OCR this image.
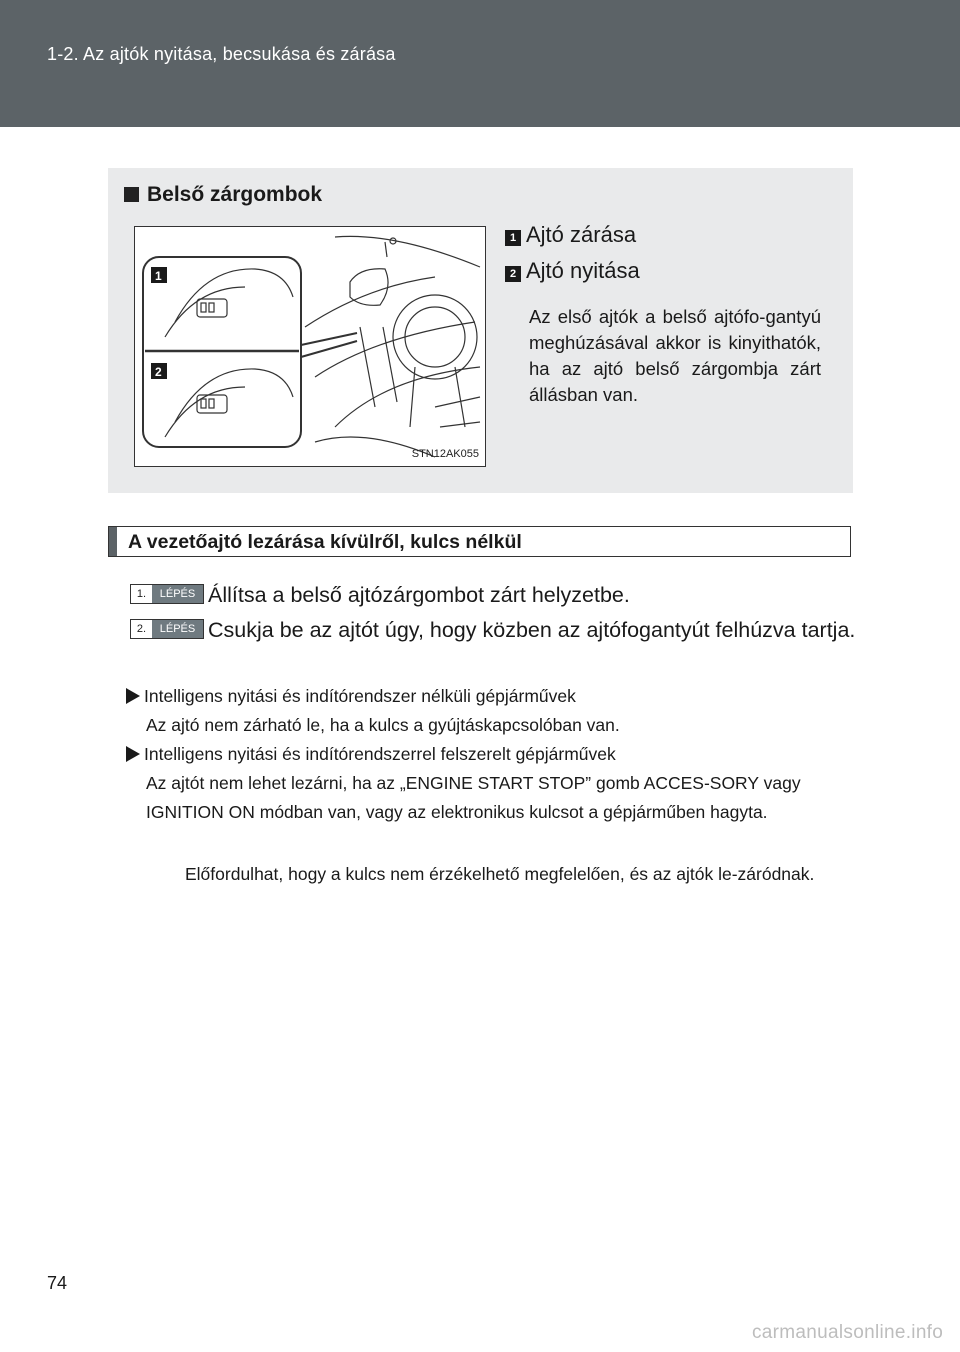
1-2. Az ajtók nyitása, becsukása és zárása
Belső zárgombok
1
2
STN12AK055
1 Ajtó zárása
2 Ajtó nyitása
Az első ajtók a belső ajtófo-gantyú meghúzásával akkor is kinyithatók, ha az ajtó belső zárgombja zárt állásban van.
A vezetőajtó lezárása kívülről, kulcs nélkül
1.	LÉPÉS Állítsa a belső ajtózárgombot zárt helyzetbe.
2.	LÉPÉS Csukja be az ajtót úgy, hogy közben az ajtófogantyút felhúzva tartja.
Intelligens nyitási és indítórendszer nélküli gépjárművek
Az ajtó nem zárható le, ha a kulcs a gyújtáskapcsolóban van.
Intelligens nyitási és indítórendszerrel felszerelt gépjárművek
Az ajtót nem lehet lezárni, ha az „ENGINE START STOP” gomb ACCES-SORY vagy IGNITION ON módban van, vagy az elektronikus kulcsot a gépjárműben hagyta.
Előfordulhat, hogy a kulcs nem érzékelhető megfelelően, és az ajtók le-záródnak.
74
carmanualsonline.info
